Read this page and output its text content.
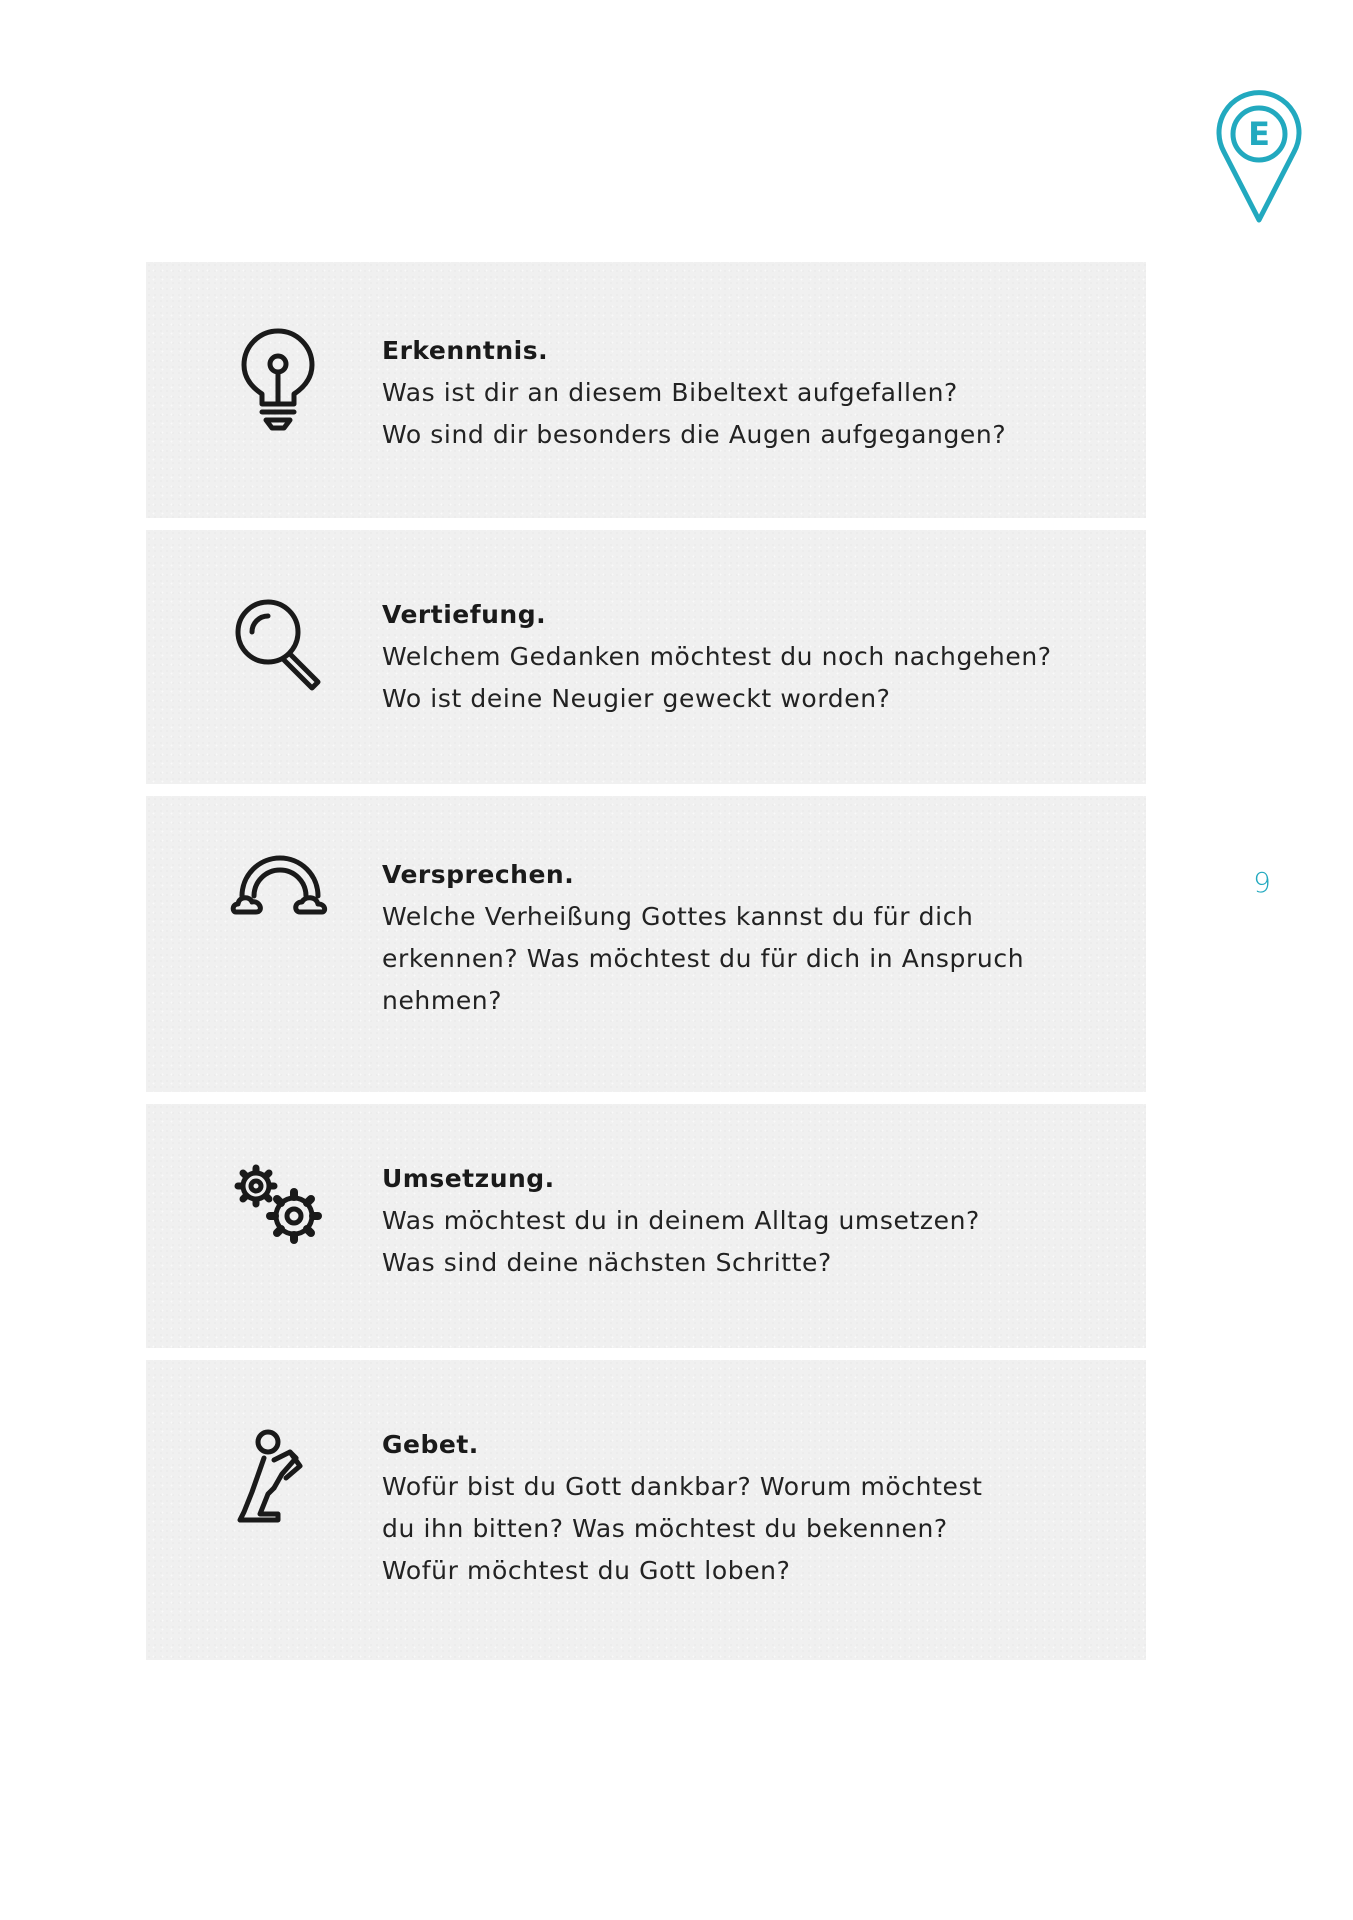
E
9

Erkenntnis.

Was ist dir an diesem Bibeltext aufgefallen?
Wo sind dir besonders die Augen aufgegangen?

Vertiefung.

Welchem Gedanken möchtest du noch nachgehen?
Wo ist deine Neugier geweckt worden?

Versprechen.

Welche Verheißung Gottes kannst du für dich
erkennen? Was möchtest du für dich in Anspruch
nehmen?

Umsetzung.

Was möchtest du in deinem Alltag umsetzen?
Was sind deine nächsten Schritte?

Gebet.

Wofür bist du Gott dankbar? Worum möchtest
du ihn bitten? Was möchtest du bekennen?
Wofür möchtest du Gott loben?
